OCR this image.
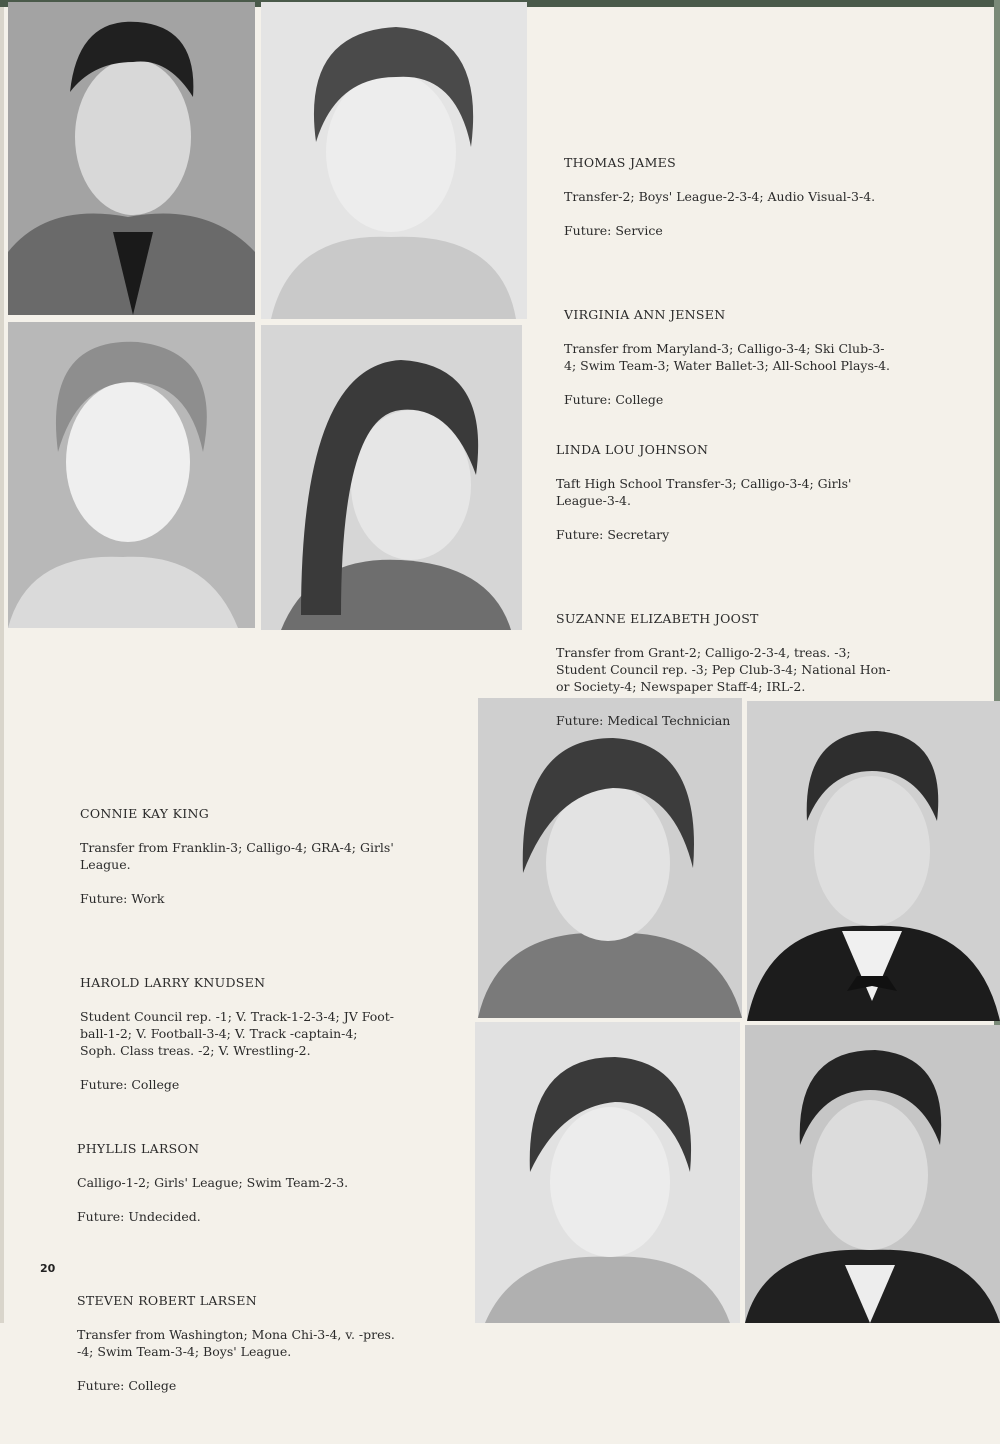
THOMAS JAMES

Transfer-2; Boys' League-2-3-4; Audio Visual-3-4.

Future: Service

VIRGINIA ANN JENSEN

Transfer from Maryland-3; Calligo-3-4; Ski Club-3-
4; Swim Team-3; Water Ballet-3; All-School Plays-4.

Future: College

LINDA LOU JOHNSON

Taft High School Transfer-3; Calligo-3-4; Girls'
League-3-4.

Future: Secretary

SUZANNE ELIZABETH JOOST

Transfer from Grant-2; Calligo-2-3-4, treas. -3;
Student Council rep. -3; Pep Club-3-4; National Hon-
or Society-4; Newspaper Staff-4; IRL-2.

Future: Medical Technician

CONNIE KAY KING

Transfer from Franklin-3; Calligo-4; GRA-4; Girls'
League.

Future: Work

HAROLD LARRY KNUDSEN

Student Council rep. -1; V. Track-1-2-3-4; JV Foot-
ball-1-2; V. Football-3-4; V. Track -captain-4;
Soph. Class treas. -2; V. Wrestling-2.

Future: College

PHYLLIS LARSON

Calligo-1-2; Girls' League; Swim Team-2-3.

Future: Undecided.

STEVEN ROBERT LARSEN

Transfer from Washington; Mona Chi-3-4, v. -pres.
-4; Swim Team-3-4; Boys' League.

Future: College

20
